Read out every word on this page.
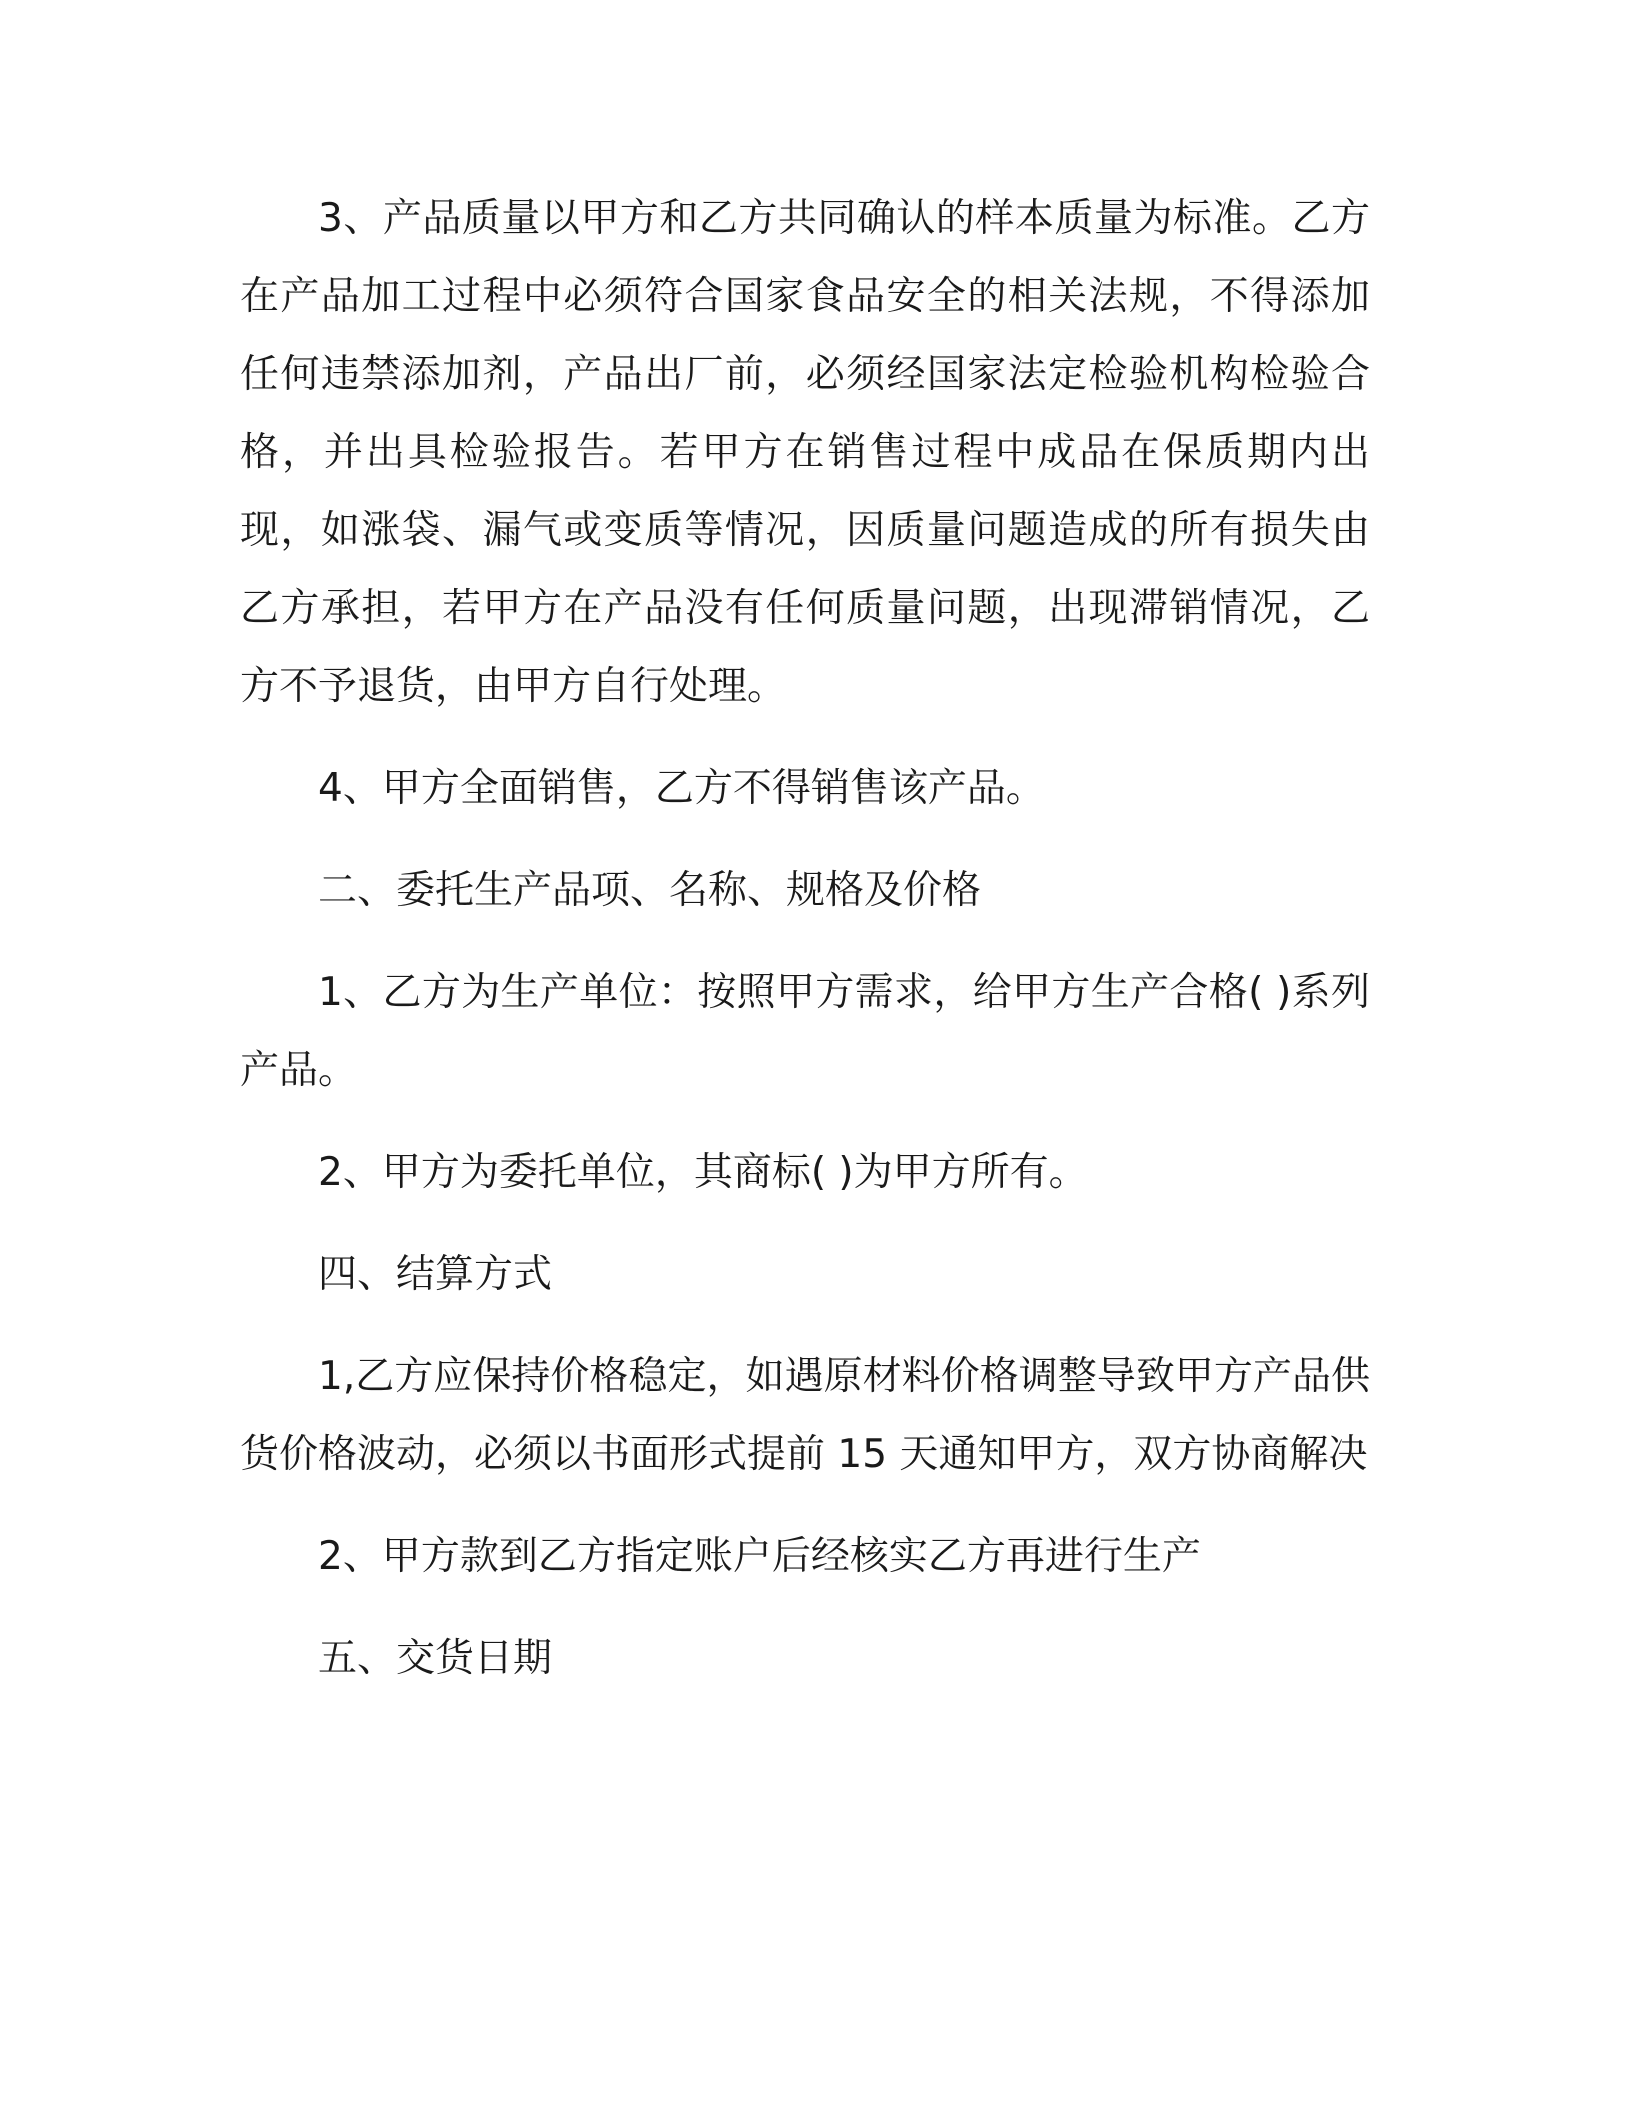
3、产品质量以甲方和乙方共同确认的样本质量为标准。乙方在产品加工过程中必须符合国家食品安全的相关法规，不得添加任何违禁添加剂，产品出厂前，必须经国家法定检验机构检验合格，并出具检验报告。若甲方在销售过程中成品在保质期内出现，如涨袋、漏气或变质等情况，因质量问题造成的所有损失由乙方承担，若甲方在产品没有任何质量问题，出现滞销情况，乙方不予退货，由甲方自行处理。

4、甲方全面销售，乙方不得销售该产品。

二、委托生产品项、名称、规格及价格

1、乙方为生产单位：按照甲方需求，给甲方生产合格( )系列产品。

2、甲方为委托单位，其商标( )为甲方所有。

四、结算方式

1,乙方应保持价格稳定，如遇原材料价格调整导致甲方产品供货价格波动，必须以书面形式提前 15 天通知甲方，双方协商解决

2、甲方款到乙方指定账户后经核实乙方再进行生产

五、交货日期
